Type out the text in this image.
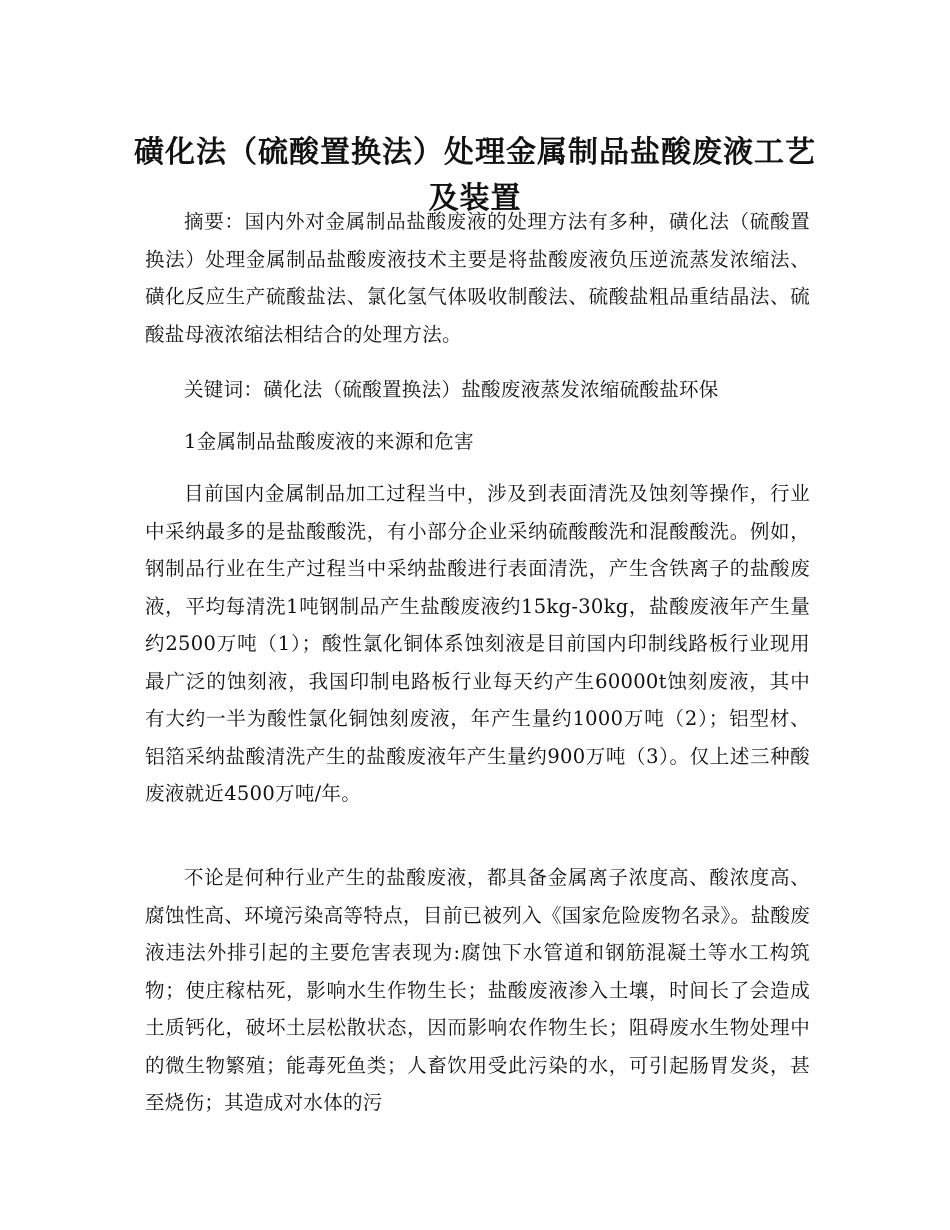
磺化法（硫酸置换法）处理金属制品盐酸废液工艺及装置

摘要：国内外对金属制品盐酸废液的处理方法有多种，磺化法（硫酸置换法）处理金属制品盐酸废液技术主要是将盐酸废液负压逆流蒸发浓缩法、磺化反应生产硫酸盐法、氯化氢气体吸收制酸法、硫酸盐粗品重结晶法、硫酸盐母液浓缩法相结合的处理方法。

关键词：磺化法（硫酸置换法）盐酸废液蒸发浓缩硫酸盐环保

1金属制品盐酸废液的来源和危害

目前国内金属制品加工过程当中，涉及到表面清洗及蚀刻等操作，行业中采纳最多的是盐酸酸洗，有小部分企业采纳硫酸酸洗和混酸酸洗。例如，钢制品行业在生产过程当中采纳盐酸进行表面清洗，产生含铁离子的盐酸废液，平均每清洗1吨钢制品产生盐酸废液约15kg-30kg，盐酸废液年产生量约2500万吨（1）；酸性氯化铜体系蚀刻液是目前国内印制线路板行业现用最广泛的蚀刻液，我国印制电路板行业每天约产生60000t蚀刻废液，其中有大约一半为酸性氯化铜蚀刻废液，年产生量约1000万吨（2）；铝型材、铝箔采纳盐酸清洗产生的盐酸废液年产生量约900万吨（3）。仅上述三种酸废液就近4500万吨/年。

不论是何种行业产生的盐酸废液，都具备金属离子浓度高、酸浓度高、腐蚀性高、环境污染高等特点，目前已被列入《国家危险废物名录》。盐酸废液违法外排引起的主要危害表现为:腐蚀下水管道和钢筋混凝土等水工构筑物；使庄稼枯死，影响水生作物生长；盐酸废液渗入土壤，时间长了会造成土质钙化，破坏土层松散状态，因而影响农作物生长；阻碍废水生物处理中的微生物繁殖；能毒死鱼类；人畜饮用受此污染的水，可引起肠胃发炎，甚至烧伤；其造成对水体的污
